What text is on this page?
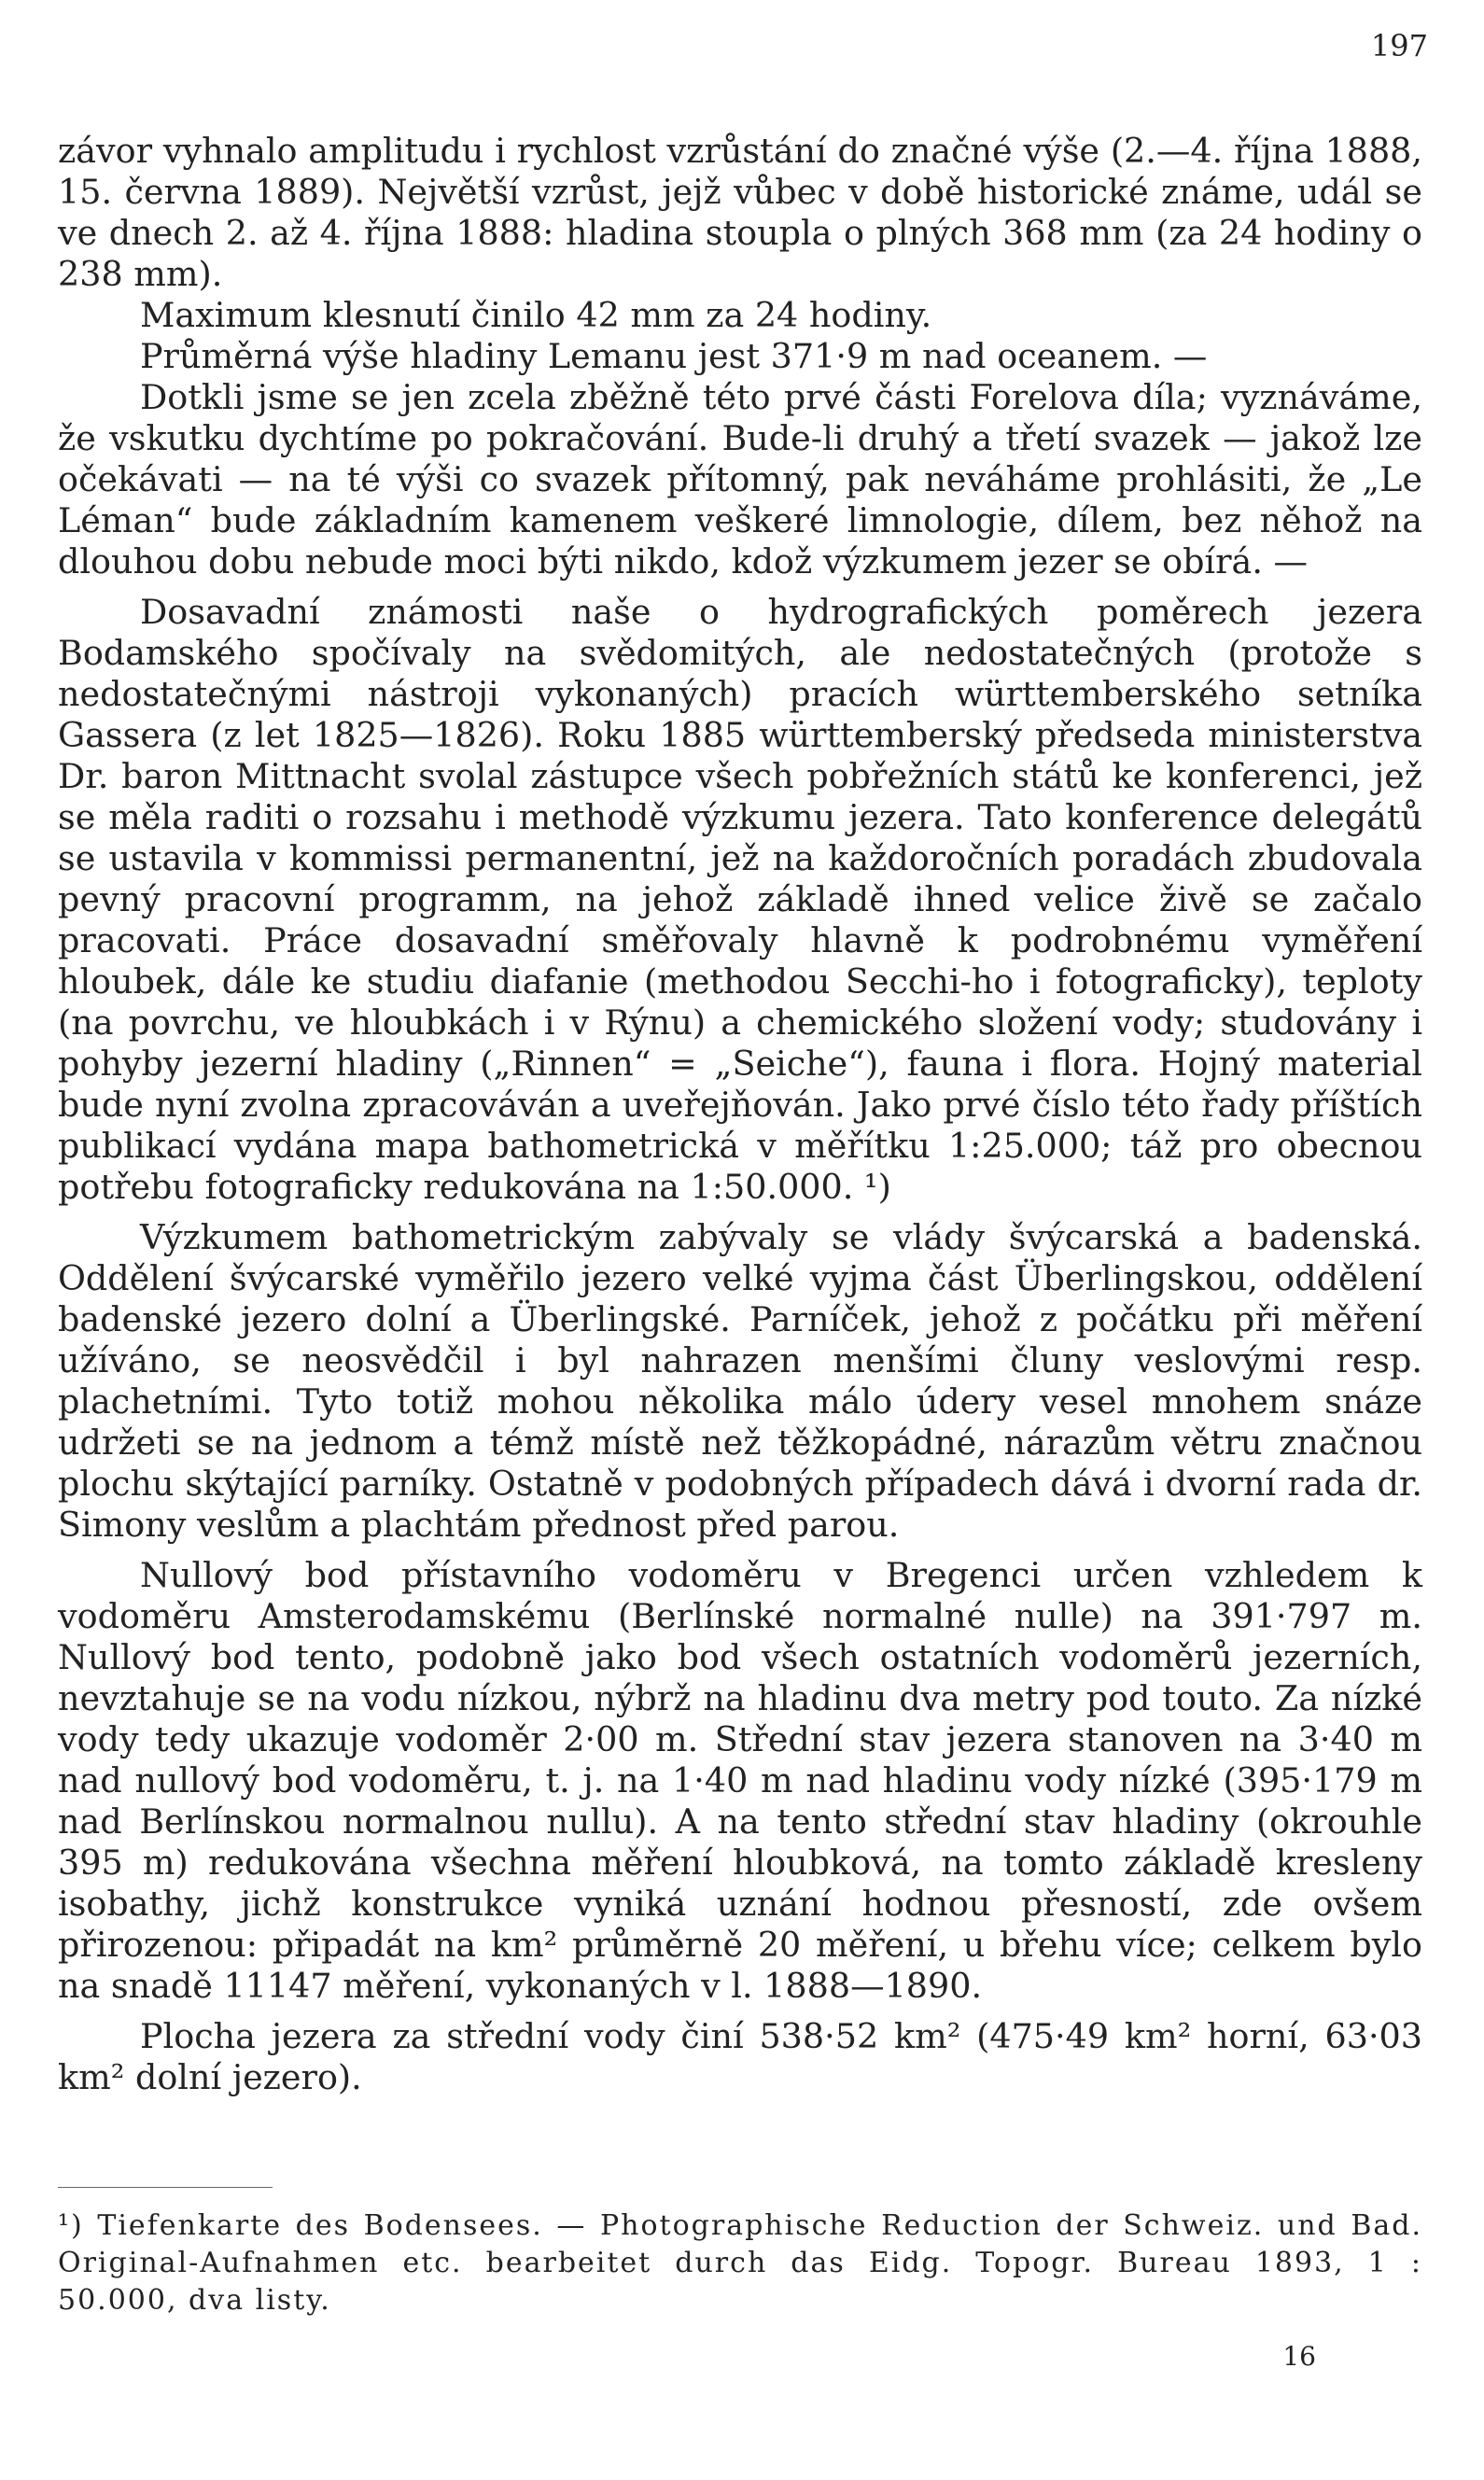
197

závor vyhnalo amplitudu i rychlost vzrůstání do značné výše (2.—4. října 1888, 15. června 1889). Největší vzrůst, jejž vůbec v době historické známe, udál se ve dnech 2. až 4. října 1888: hladina stoupla o plných 368 mm (za 24 hodiny o 238 mm).

Maximum klesnutí činilo 42 mm za 24 hodiny.

Průměrná výše hladiny Lemanu jest 371·9 m nad oceanem. —

Dotkli jsme se jen zcela zběžně této prvé části Forelova díla; vyznáváme, že vskutku dychtíme po pokračování. Bude-li druhý a třetí svazek — jakož lze očekávati — na té výši co svazek přítomný, pak neváháme prohlásiti, že „Le Léman“ bude základním kamenem veškeré limnologie, dílem, bez něhož na dlouhou dobu nebude moci býti nikdo, kdož výzkumem jezer se obírá. —

Dosavadní známosti naše o hydrografických poměrech jezera Bodamského spočívaly na svědomitých, ale nedostatečných (protože s nedostatečnými nástroji vykonaných) pracích württemberského setníka Gassera (z let 1825—1826). Roku 1885 württemberský předseda ministerstva Dr. baron Mittnacht svolal zástupce všech pobřežních států ke konferenci, jež se měla raditi o rozsahu i methodě výzkumu jezera. Tato konference delegátů se ustavila v kommissi permanentní, jež na každoročních poradách zbudovala pevný pracovní programm, na jehož základě ihned velice živě se začalo pracovati. Práce dosavadní směřovaly hlavně k podrobnému vyměření hloubek, dále ke studiu diafanie (methodou Secchi-ho i fotograficky), teploty (na povrchu, ve hloubkách i v Rýnu) a chemického složení vody; studovány i pohyby jezerní hladiny („Rinnen“ = „Seiche“), fauna i flora. Hojný material bude nyní zvolna zpracováván a uveřejňován. Jako prvé číslo této řady příštích publikací vydána mapa bathometrická v měřítku 1:25.000; táž pro obecnou potřebu fotograficky redukována na 1:50.000. ¹)

Výzkumem bathometrickým zabývaly se vlády švýcarská a badenská. Oddělení švýcarské vyměřilo jezero velké vyjma část Überlingskou, oddělení badenské jezero dolní a Überlingské. Parníček, jehož z počátku při měření užíváno, se neosvědčil i byl nahrazen menšími čluny veslovými resp. plachetními. Tyto totiž mohou několika málo údery vesel mnohem snáze udržeti se na jednom a témž místě než těžkopádné, nárazům větru značnou plochu skýtající parníky. Ostatně v podobných případech dává i dvorní rada dr. Simony veslům a plachtám přednost před parou.

Nullový bod přístavního vodoměru v Bregenci určen vzhledem k vodoměru Amsterodamskému (Berlínské normalné nulle) na 391·797 m. Nullový bod tento, podobně jako bod všech ostatních vodoměrů jezerních, nevztahuje se na vodu nízkou, nýbrž na hladinu dva metry pod touto. Za nízké vody tedy ukazuje vodoměr 2·00 m. Střední stav jezera stanoven na 3·40 m nad nullový bod vodoměru, t. j. na 1·40 m nad hladinu vody nízké (395·179 m nad Berlínskou normalnou nullu). A na tento střední stav hladiny (okrouhle 395 m) redukována všechna měření hloubková, na tomto základě kresleny isobathy, jichž konstrukce vyniká uznání hodnou přesností, zde ovšem přirozenou: připadát na km² průměrně 20 měření, u břehu více; celkem bylo na snadě 11147 měření, vykonaných v l. 1888—1890.

Plocha jezera za střední vody činí 538·52 km² (475·49 km² horní, 63·03 km² dolní jezero).

¹) Tiefenkarte des Bodensees. — Photographische Reduction der Schweiz. und Bad. Original-Aufnahmen etc. bearbeitet durch das Eidg. Topogr. Bureau 1893, 1 : 50.000, dva listy.
16
